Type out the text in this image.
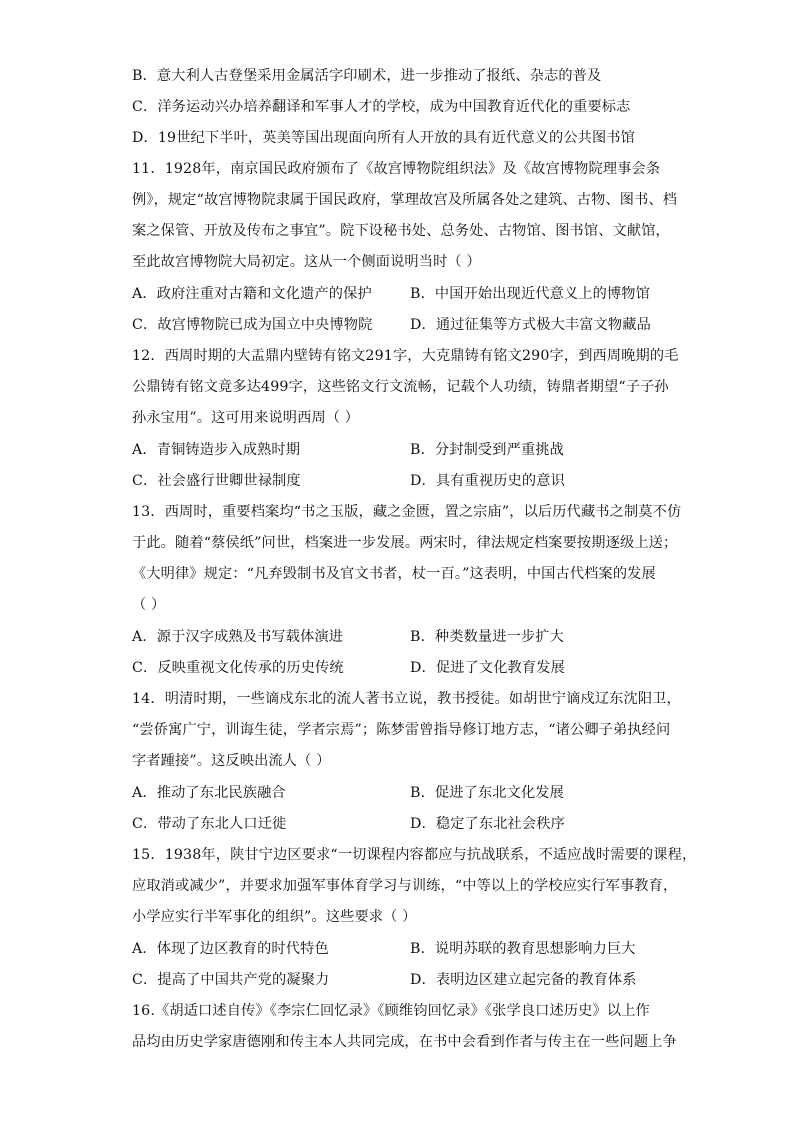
B．意大利人古登堡采用金属活字印刷术，进一步推动了报纸、杂志的普及
C．洋务运动兴办培养翻译和军事人才的学校，成为中国教育近代化的重要标志
D．19世纪下半叶，英美等国出现面向所有人开放的具有近代意义的公共图书馆
11．1928年，南京国民政府颁布了《故宫博物院组织法》及《故宫博物院理事会条
例》，规定“故宫博物院隶属于国民政府，掌理故宫及所属各处之建筑、古物、图书、档
案之保管、开放及传布之事宜”。院下设秘书处、总务处、古物馆、图书馆、文献馆，
至此故宫博物院大局初定。这从一个侧面说明当时（ ）
A．政府注重对古籍和文化遗产的保护	B．中国开始出现近代意义上的博物馆
C．故宫博物院已成为国立中央博物院	D．通过征集等方式极大丰富文物藏品
12．西周时期的大盂鼎内壁铸有铭文291字，大克鼎铸有铭文290字，到西周晚期的毛
公鼎铸有铭文竟多达499字，这些铭文行文流畅，记载个人功绩，铸鼎者期望“子子孙
孙永宝用”。这可用来说明西周（ ）
A．青铜铸造步入成熟时期	B．分封制受到严重挑战
C．社会盛行世卿世禄制度	D．具有重视历史的意识
13．西周时，重要档案均“书之玉版，藏之金匮，置之宗庙”，以后历代藏书之制莫不仿
于此。随着“蔡侯纸”问世，档案进一步发展。两宋时，律法规定档案要按期逐级上送；
《大明律》规定：“凡弃毁制书及官文书者，杖一百。”这表明，中国古代档案的发展
（ ）
A．源于汉字成熟及书写载体演进	B．种类数量进一步扩大
C．反映重视文化传承的历史传统	D．促进了文化教育发展
14．明清时期，一些谪戍东北的流人著书立说，教书授徒。如胡世宁谪戍辽东沈阳卫，
“尝侨寓广宁，训诲生徒，学者宗焉”；陈梦雷曾指导修订地方志，“诸公卿子弟执经问
字者踵接”。这反映出流人（ ）
A．推动了东北民族融合	B．促进了东北文化发展
C．带动了东北人口迁徙	D．稳定了东北社会秩序
15．1938年，陕甘宁边区要求“一切课程内容都应与抗战联系，不适应战时需要的课程，
应取消或减少”，并要求加强军事体育学习与训练，“中等以上的学校应实行军事教育，
小学应实行半军事化的组织”。这些要求（ ）
A．体现了边区教育的时代特色	B．说明苏联的教育思想影响力巨大
C．提高了中国共产党的凝聚力	D．表明边区建立起完备的教育体系
16.《胡适口述自传》《李宗仁回忆录》《顾维钧回忆录》《张学良口述历史》以上作
品均由历史学家唐德刚和传主本人共同完成，在书中会看到作者与传主在一些问题上争
